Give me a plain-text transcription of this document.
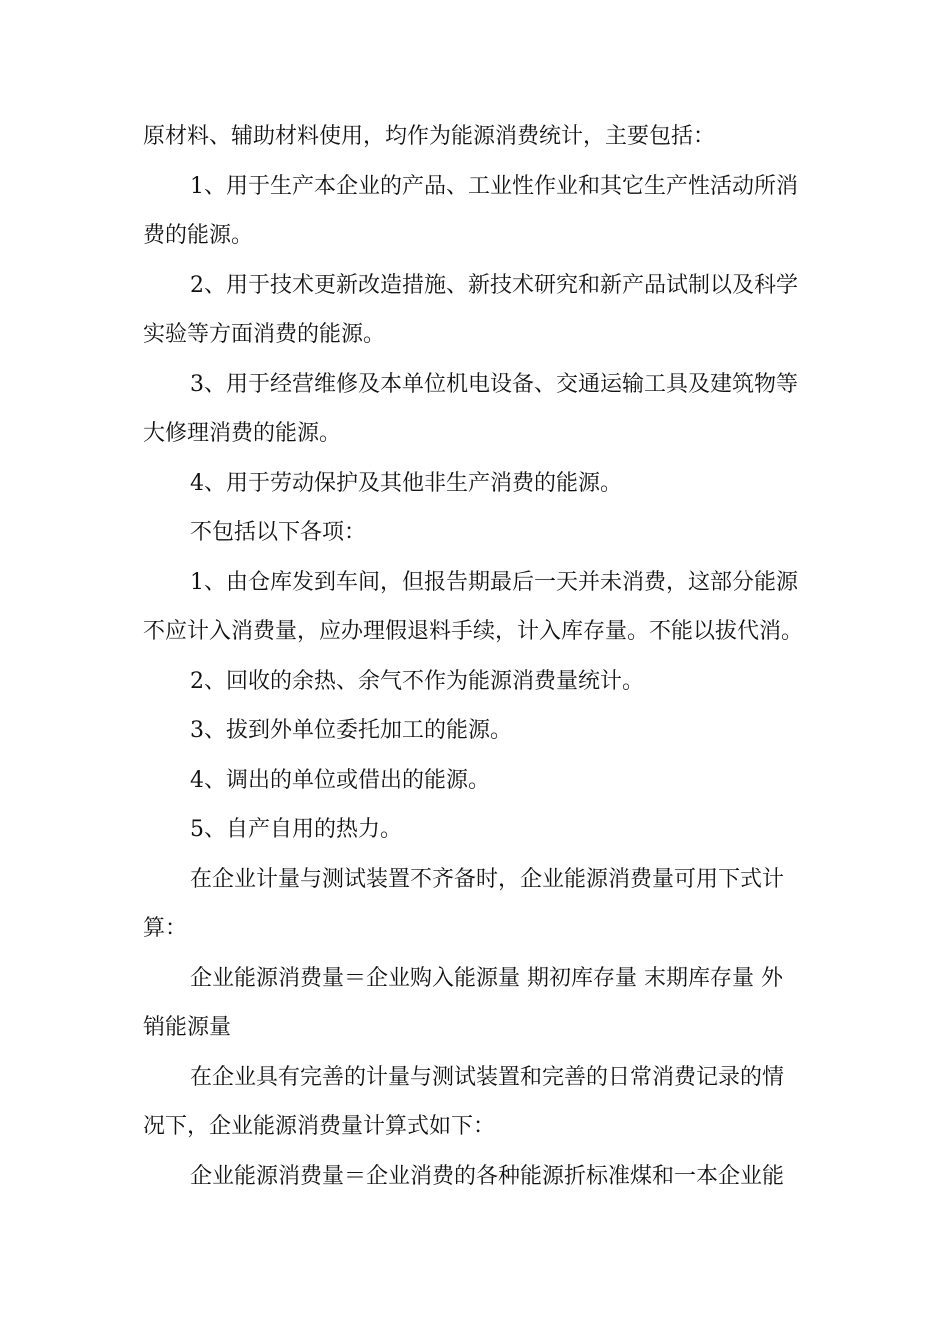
原材料、辅助材料使用，均作为能源消费统计，主要包括：
1、用于生产本企业的产品、工业性作业和其它生产性活动所消
费的能源。
2、用于技术更新改造措施、新技术研究和新产品试制以及科学
实验等方面消费的能源。
3、用于经营维修及本单位机电设备、交通运输工具及建筑物等
大修理消费的能源。
4、用于劳动保护及其他非生产消费的能源。
不包括以下各项：
1、由仓库发到车间，但报告期最后一天并未消费，这部分能源
不应计入消费量，应办理假退料手续，计入库存量。不能以拔代消。
2、回收的余热、余气不作为能源消费量统计。
3、拔到外单位委托加工的能源。
4、调出的单位或借出的能源。
5、自产自用的热力。
在企业计量与测试装置不齐备时，企业能源消费量可用下式计
算：
企业能源消费量＝企业购入能源量 期初库存量 末期库存量 外
销能源量
在企业具有完善的计量与测试装置和完善的日常消费记录的情
况下，企业能源消费量计算式如下：
企业能源消费量＝企业消费的各种能源折标准煤和一本企业能
